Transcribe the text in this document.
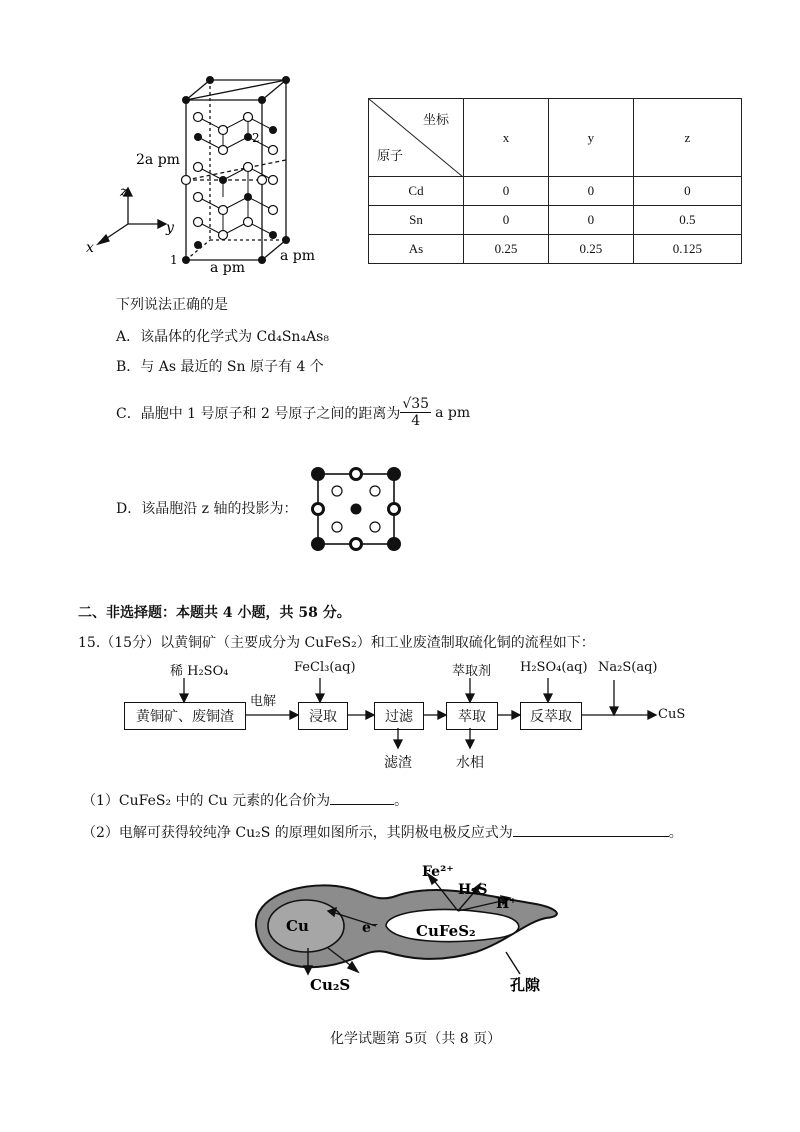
z
y
x
2a pm
a pm
a pm
1
2
坐标
原子	x	y	z
Cd	0	0	0
Sn	0	0	0.5
As	0.25	0.25	0.125
下列说法正确的是
A．该晶体的化学式为 Cd₄Sn₄As₈
B．与 As 最近的 Sn 原子有 4 个
C．晶胞中 1 号原子和 2 号原子之间的距离为 $\frac{√35}{4}$ a pm
D．该晶胞沿 z 轴的投影为：
二、非选择题：本题共 4 小题，共 58 分。
15.（15分）以黄铜矿（主要成分为 CuFeS₂）和工业废渣制取硫化铜的流程如下：
稀 H₂SO₄	FeCl₃(aq)	萃取剂 H₂SO₄(aq) Na₂S(aq)
电解
黄铜矿、废铜渣	浸取	过滤	萃取	反萃取	CuS
滤渣	水相
（1）CuFeS₂ 中的 Cu 元素的化合价为	。
（2）电解可获得较纯净 Cu₂S 的原理如图所示，其阴极电极反应式为	。
Fe²⁺
H₂S
H⁺
Cu	e⁻	CuFeS₂
Cu₂S	孔隙
化学试题第 5页（共 8 页）
